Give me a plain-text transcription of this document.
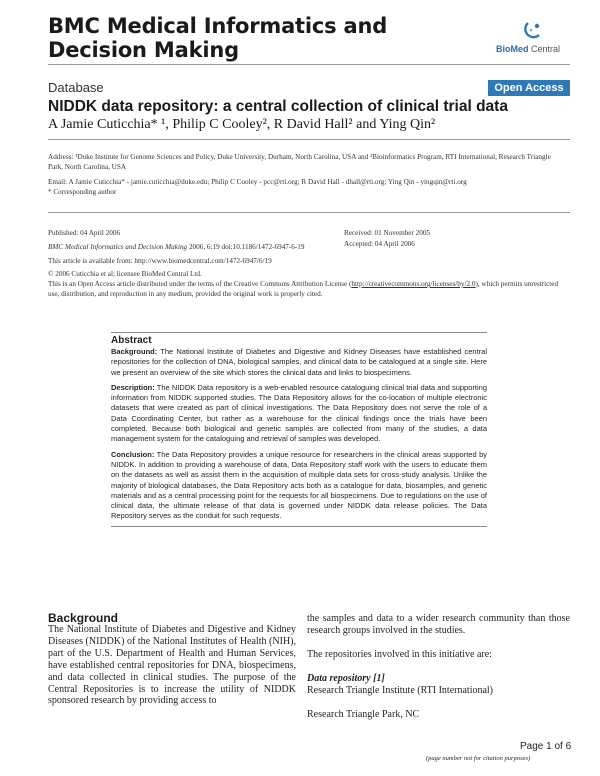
BMC Medical Informatics and
Decision Making	BioMed Central
Database	Open Access
NIDDK data repository: a central collection of clinical trial data
A Jamie Cuticchia* ¹, Philip C Cooley², R David Hall² and Ying Qin²
Address: ¹Duke Institute for Genome Sciences and Policy, Duke University, Durham, North Carolina, USA and ²Bioinformatics Program, RTI International, Research Triangle Park, North Carolina, USA
Email: A Jamie Cuticchia* - jamie.cuticchia@duke.edu; Philip C Cooley - pcc@rti.org; R David Hall - dhall@rti.org; Ying Qin - yingqin@rti.org
* Corresponding author
Published: 04 April 2006	Received: 01 November 2005
Accepted: 04 April 2006
BMC Medical Informatics and Decision Making 2006, 6:19 doi:10.1186/1472-6947-6-19
This article is available from: http://www.biomedcentral.com/1472-6947/6/19
© 2006 Cuticchia et al; licensee BioMed Central Ltd.
This is an Open Access article distributed under the terms of the Creative Commons Attribution License (http://creativecommons.org/licenses/by/2.0), which permits unrestricted use, distribution, and reproduction in any medium, provided the original work is properly cited.
Abstract

Background: The National Institute of Diabetes and Digestive and Kidney Diseases have established central repositories for the collection of DNA, biological samples, and clinical data to be catalogued at a single site. Here we present an overview of the site which stores the clinical data and links to biospecimens.

Description: The NIDDK Data repository is a web-enabled resource cataloguing clinical trial data and supporting information from NIDDK supported studies. The Data Repository allows for the co-location of multiple electronic datasets that were created as part of clinical investigations. The Data Repository does not serve the role of a Data Coordinating Center, but rather as a warehouse for the clinical findings once the trials have been completed. Because both biological and genetic samples are collected from many of the studies, a data management system for the cataloguing and retrieval of samples was developed.

Conclusion: The Data Repository provides a unique resource for researchers in the clinical areas supported by NIDDK. In addition to providing a warehouse of data, Data Repository staff work with the users to educate them on the datasets as well as assist them in the acquisition of multiple data sets for cross-study analysis. Unlike the majority of biological databases, the Data Repository acts both as a catalogue for data, biosamples, and genetic materials and as a central processing point for the requests for all biospecimens. Due to regulations on the use of clinical data, the ultimate release of that data is governed under NIDDK data release policies. The Data Repository serves as the conduit for such requests.

Background
The National Institute of Diabetes and Digestive and Kidney Diseases (NIDDK) of the National Institutes of Health (NIH), part of the U.S. Department of Health and Human Services, have established central repositories for DNA, biospecimens, and data collected in clinical studies. The purpose of the Central Repositories is to increase the utility of NIDDK sponsored research by providing access to

the samples and data to a wider research community than those research groups involved in the studies.

The repositories involved in this initiative are:

Data repository [1]

Research Triangle Institute (RTI International)

Research Triangle Park, NC

Page 1 of 6
(page number not for citation purposes)
